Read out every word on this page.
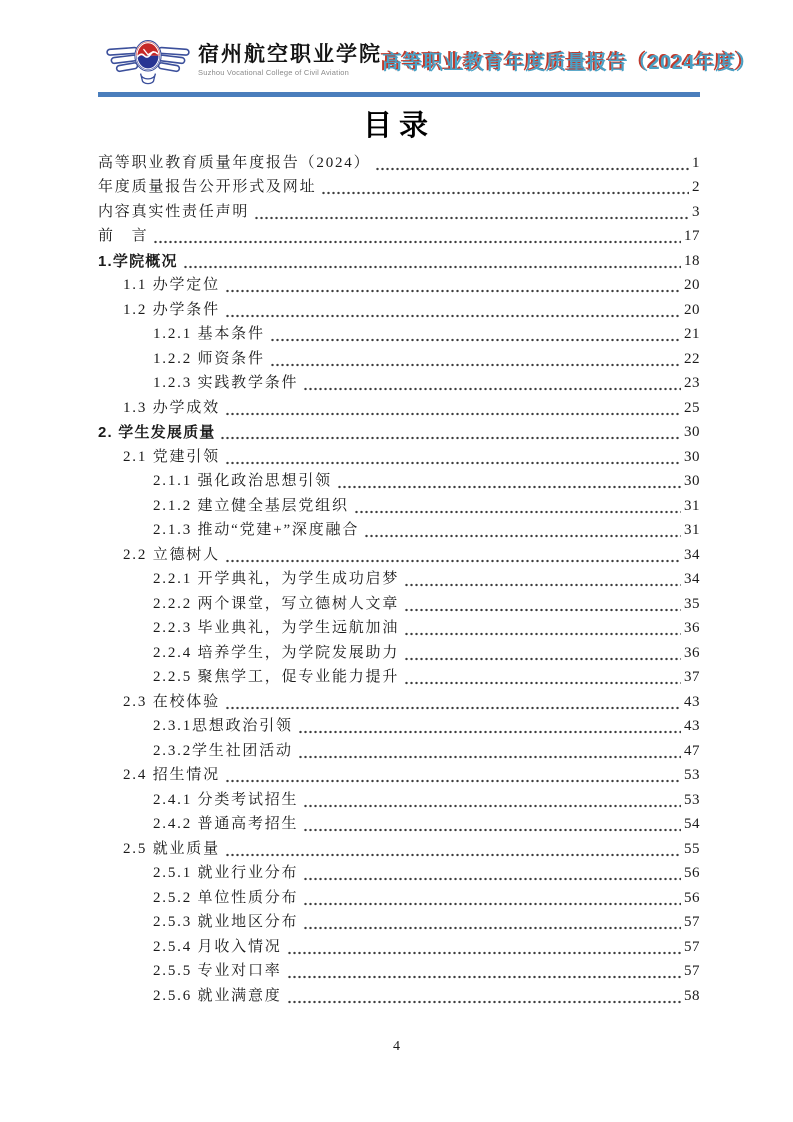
宿州航空职业学院
Suzhou Vocational College of Civil Aviation	高等职业教育年度质量报告（2024年度）
目录
高等职业教育质量年度报告（2024）	1
年度质量报告公开形式及网址	2
内容真实性责任声明	3
前　言	17
1.学院概况	18
1.1 办学定位	20
1.2 办学条件	20
1.2.1 基本条件	21
1.2.2 师资条件	22
1.2.3 实践教学条件	23
1.3 办学成效	25
2. 学生发展质量	30
2.1 党建引领	30
2.1.1 强化政治思想引领	30
2.1.2 建立健全基层党组织	31
2.1.3 推动“党建+”深度融合	31
2.2 立德树人	34
2.2.1 开学典礼，为学生成功启梦	34
2.2.2 两个课堂，写立德树人文章	35
2.2.3 毕业典礼，为学生远航加油	36
2.2.4 培养学生，为学院发展助力	36
2.2.5 聚焦学工，促专业能力提升	37
2.3 在校体验	43
2.3.1思想政治引领	43
2.3.2学生社团活动	47
2.4 招生情况	53
2.4.1 分类考试招生	53
2.4.2 普通高考招生	54
2.5 就业质量	55
2.5.1 就业行业分布	56
2.5.2 单位性质分布	56
2.5.3 就业地区分布	57
2.5.4 月收入情况	57
2.5.5 专业对口率	57
2.5.6 就业满意度	58
4
